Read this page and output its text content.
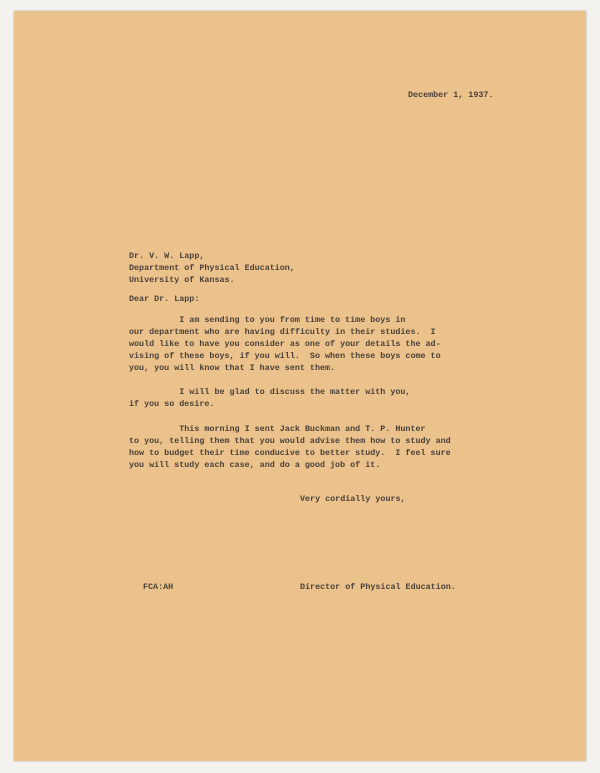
December 1, 1937.
Dr. V. W. Lapp,
Department of Physical Education,
University of Kansas.
Dear Dr. Lapp:
I am sending to you from time to time boys in
our department who are having difficulty in their studies.  I
would like to have you consider as one of your details the ad-
vising of these boys, if you will.  So when these boys come to
you, you will know that I have sent them.
I will be glad to discuss the matter with you,
if you so desire.
This morning I sent Jack Buckman and T. P. Hunter
to you, telling them that you would advise them how to study and
how to budget their time conducive to better study.  I feel sure
you will study each case, and do a good job of it.
Very cordially yours,
FCA:AH	Director of Physical Education.
